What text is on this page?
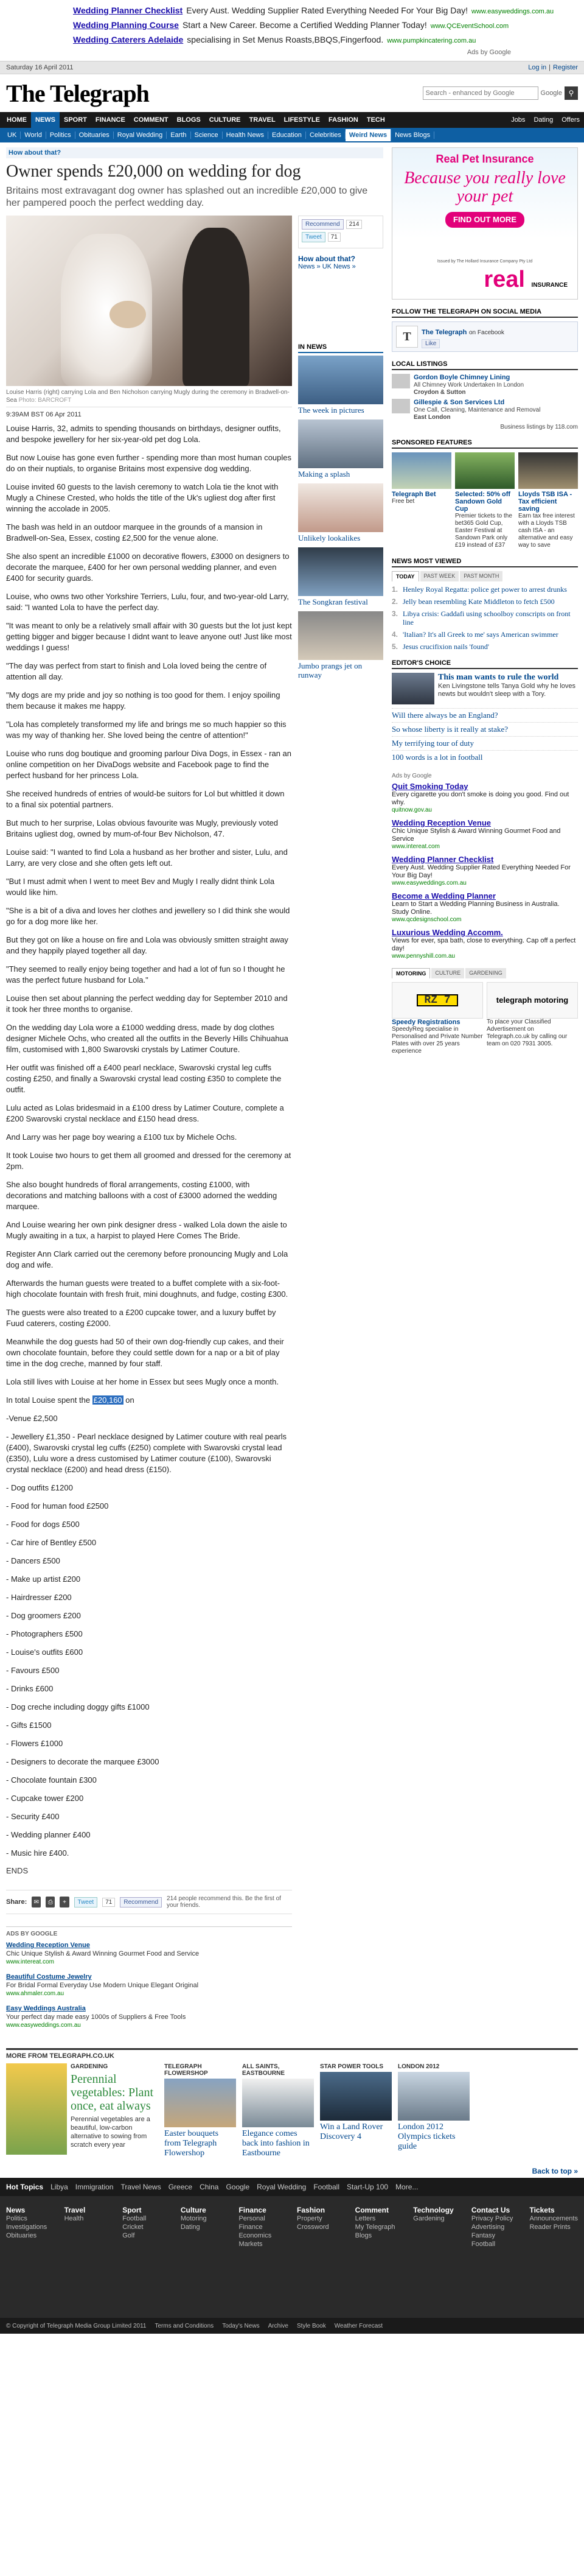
Wedding Planner Checklist Every Aust. Wedding Supplier Rated Everything Needed For Your Big Day! www.easyweddings.com.au
Wedding Planning Course Start a New Career. Become a Certified Wedding Planner Today! www.QCEventSchool.com
Wedding Caterers Adelaide specialising in Set Menus Roasts,BBQS,Fingerfood. www.pumpkincatering.com.au
Ads by Google
Saturday 16 April 2011	Log in | Register
The Telegraph
Search - enhanced by Google	Google ⚲
HOME	NEWS	SPORT	FINANCE	COMMENT	BLOGS	CULTURE	TRAVEL	LIFESTYLE	FASHION	TECH	Jobs	Dating	Offers
UK	World	Politics	Obituaries	Royal Wedding	Earth	Science	Health News	Education	Celebrities	Weird News	News Blogs
How about that?
Owner spends £20,000 on wedding for dog

Britains most extravagant dog owner has splashed out an incredible £20,000 to give her pampered pooch the perfect wedding day.

Louise Harris (right) carrying Lola and Ben Nicholson carrying Mugly during the ceremony in Bradwell-on-Sea Photo: BARCROFT
9:39AM BST 06 Apr 2011

Louise Harris, 32, admits to spending thousands on birthdays, designer outfits, and bespoke jewellery for her six-year-old pet dog Lola.

But now Louise has gone even further - spending more than most human couples do on their nuptials, to organise Britains most expensive dog wedding.

Louise invited 60 guests to the lavish ceremony to watch Lola tie the knot with Mugly a Chinese Crested, who holds the title of the Uk's ugliest dog after first winning the accolade in 2005.

The bash was held in an outdoor marquee in the grounds of a mansion in Bradwell-on-Sea, Essex, costing £2,500 for the venue alone.

She also spent an incredible £1000 on decorative flowers, £3000 on designers to decorate the marquee, £400 for her own personal wedding planner, and even £400 for security guards.

Louise, who owns two other Yorkshire Terriers, Lulu, four, and two-year-old Larry, said: "I wanted Lola to have the perfect day.

"It was meant to only be a relatively small affair with 30 guests but the lot just kept getting bigger and bigger because I didnt want to leave anyone out! Just like most weddings I guess!

"The day was perfect from start to finish and Lola loved being the centre of attention all day.

"My dogs are my pride and joy so nothing is too good for them. I enjoy spoiling them because it makes me happy.

"Lola has completely transformed my life and brings me so much happier so this was my way of thanking her. She loved being the centre of attention!"

Louise who runs dog boutique and grooming parlour Diva Dogs, in Essex - ran an online competition on her DivaDogs website and Facebook page to find the perfect husband for her princess Lola.

She received hundreds of entries of would-be suitors for Lol but whittled it down to a final six potential partners.

But much to her surprise, Lolas obvious favourite was Mugly, previously voted Britains ugliest dog, owned by mum-of-four Bev Nicholson, 47.

Louise said: "I wanted to find Lola a husband as her brother and sister, Lulu, and Larry, are very close and she often gets left out.

"But I must admit when I went to meet Bev and Mugly I really didnt think Lola would like him.

"She is a bit of a diva and loves her clothes and jewellery so I did think she would go for a dog more like her.

But they got on like a house on fire and Lola was obviously smitten straight away and they happily played together all day.

"They seemed to really enjoy being together and had a lot of fun so I thought he was the perfect future husband for Lola."

Louise then set about planning the perfect wedding day for September 2010 and it took her three months to organise.

On the wedding day Lola wore a £1000 wedding dress, made by dog clothes designer Michele Ochs, who created all the outfits in the Beverly Hills Chihuahua film, customised with 1,800 Swarovski crystals by Latimer Couture.

Her outfit was finished off a £400 pearl necklace, Swarovski crystal leg cuffs costing £250, and finally a Swarovski crystal lead costing £350 to complete the outfit.

Lulu acted as Lolas bridesmaid in a £100 dress by Latimer Couture, complete a £200 Swarovski crystal necklace and £150 head dress.

And Larry was her page boy wearing a £100 tux by Michele Ochs.

It took Louise two hours to get them all groomed and dressed for the ceremony at 2pm.

She also bought hundreds of floral arrangements, costing £1000, with decorations and matching balloons with a cost of £3000 adorned the wedding marquee.

And Louise wearing her own pink designer dress - walked Lola down the aisle to Mugly awaiting in a tux, a harpist to played Here Comes The Bride.

Register Ann Clark carried out the ceremony before pronouncing Mugly and Lola dog and wife.

Afterwards the human guests were treated to a buffet complete with a six-foot-high chocolate fountain with fresh fruit, mini doughnuts, and fudge, costing £300.

The guests were also treated to a £200 cupcake tower, and a luxury buffet by Fuud caterers, costing £2000.

Meanwhile the dog guests had 50 of their own dog-friendly cup cakes, and their own chocolate fountain, before they could settle down for a nap or a bit of play time in the dog creche, manned by four staff.

Lola still lives with Louise at her home in Essex but sees Mugly once a month.

In total Louise spent the £20,160 on

-Venue £2,500

- Jewellery £1,350 - Pearl necklace designed by Latimer couture with real pearls (£400), Swarovski crystal leg cuffs (£250) complete with Swarovski crystal lead (£350), Lulu wore a dress customised by Latimer couture (£100), Swarovski crystal necklace (£200) and head dress (£150).

- Dog outfits £1200

- Food for human food £2500

- Food for dogs £500

- Car hire of Bentley £500

- Dancers £500

- Make up artist £200

- Hairdresser £200

- Dog groomers £200

- Photographers £500

- Louise's outfits £600

- Favours £500

- Drinks £600

- Dog creche including doggy gifts £1000

- Gifts £1500

- Flowers £1000

- Designers to decorate the marquee £3000

- Chocolate fountain £300

- Cupcake tower £200

- Security £400

- Wedding planner £400

- Music hire £400.

ENDS
Share:	✉	⎙	+	Tweet	71	Recommend	214 people recommend this. Be the first of your friends.
ADS BY GOOGLE
Wedding Reception Venue
Chic Unique Stylish & Award Winning Gourmet Food and Service
www.intereat.com
Beautiful Costume Jewelry
For Bridal Formal Everyday Use Modern Unique Elegant Original
www.ahmaler.com.au
Easy Weddings Australia
Your perfect day made easy 1000s of Suppliers & Free Tools
www.easyweddings.com.au
Recommend	214
Tweet	71
How about that?
News » UK News »
IN NEWS
The week in pictures
Making a splash
Unlikely lookalikes
The Songkran festival
Jumbo prangs jet on runway
Real Pet Insurance
Because you really love your pet
FIND OUT MORE
Issued by The Hollard Insurance Company Pty Ltd
real INSURANCE
FOLLOW THE TELEGRAPH ON SOCIAL MEDIA
T	The Telegraph on Facebook
Like
LOCAL LISTINGS
Gordon Boyle Chimney Lining
All Chimney Work Undertaken In London
Croydon & Sutton
Gillespie & Son Services Ltd
One Call, Cleaning, Maintenance and Removal
East London
Business listings by 118.com
SPONSORED FEATURES
Telegraph Bet
Free bet
Selected: 50% off Sandown Gold Cup
Premier tickets to the bet365 Gold Cup, Easter Festival at Sandown Park only £19 instead of £37
Lloyds TSB ISA - Tax efficient saving
Earn tax free interest with a Lloyds TSB cash ISA - an alternative and easy way to save
NEWS MOST VIEWED
TODAY	PAST WEEK	PAST MONTH
1. Henley Royal Regatta: police get power to arrest drunks
2. Jelly bean resembling Kate Middleton to fetch £500
3. Libya crisis: Gaddafi using schoolboy conscripts on front line
4. 'Italian? It's all Greek to me' says American swimmer
5. Jesus crucifixion nails 'found'
EDITOR'S CHOICE
This man wants to rule the world
Ken Livingstone tells Tanya Gold why he loves newts but wouldn't sleep with a Tory.
Will there always be an England?
So whose liberty is it really at stake?
My terrifying tour of duty
100 words is a lot in football
Ads by Google
Quit Smoking Today
Every cigarette you don't smoke is doing you good. Find out why.
quitnow.gov.au
Wedding Reception Venue
Chic Unique Stylish & Award Winning Gourmet Food and Service
www.intereat.com
Wedding Planner Checklist
Every Aust. Wedding Supplier Rated Everything Needed For Your Big Day!
www.easyweddings.com.au
Become a Wedding Planner
Learn to Start a Wedding Planning Business in Australia. Study Online.
www.qcdesignschool.com
Luxurious Wedding Accomm.
Views for ever, spa bath, close to everything. Cap off a perfect day!
www.pennyshill.com.au
MOTORING	CULTURE	GARDENING
RZ 7
Speedy Registrations
SpeedyReg specialise in Personalised and Private Number Plates with over 25 years experience
telegraph motoring
To place your Classified Advertisement on Telegraph.co.uk by calling our team on 020 7931 3005.
MORE FROM TELEGRAPH.CO.UK
GARDENING
Perennial vegetables: Plant once, eat always
Perennial vegetables are a beautiful, low-carbon alternative to sowing from scratch every year
TELEGRAPH FLOWERSHOP
Easter bouquets from Telegraph Flowershop
ALL SAINTS, EASTBOURNE
Elegance comes back into fashion in Eastbourne
STAR POWER TOOLS
Win a Land Rover Discovery 4
LONDON 2012
London 2012 Olympics tickets guide
Back to top »
Hot Topics Libya Immigration Travel News Greece China Google Royal Wedding Football Start-Up 100 More...
News
Politics
Investigations
Obituaries
Travel
Health
Sport
Football
Cricket
Golf
Culture
Motoring
Dating
Finance
Personal Finance
Economics
Markets
Fashion
Property
Crossword
Comment
Letters
My Telegraph
Blogs
Technology
Gardening
Contact Us
Privacy Policy
Advertising
Fantasy Football
Tickets
Announcements
Reader Prints
© Copyright of Telegraph Media Group Limited 2011 Terms and Conditions Today's News Archive Style Book Weather Forecast
